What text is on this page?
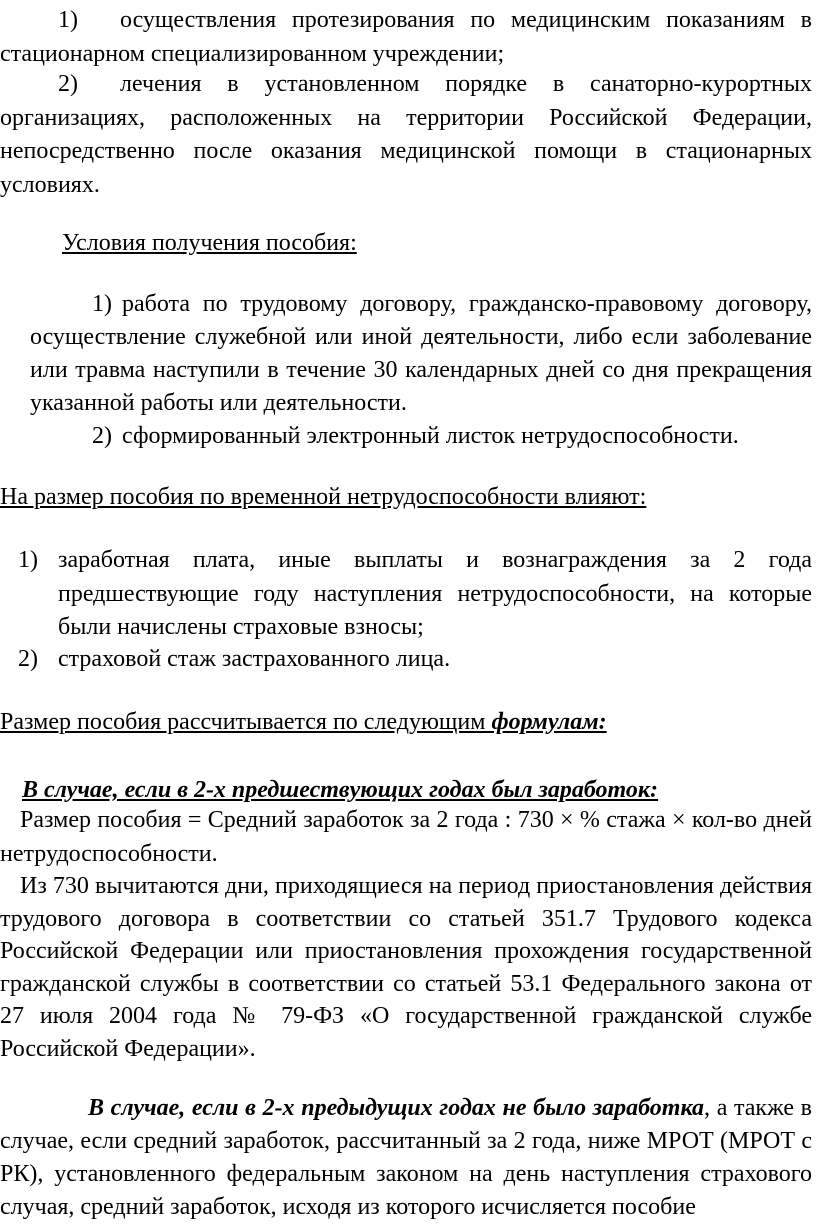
1) осуществления протезирования по медицинским показаниям в стационарном специализированном учреждении;
2) лечения в установленном порядке в санаторно-курортных организациях, расположенных на территории Российской Федерации, непосредственно после оказания медицинской помощи в стационарных условиях.
Условия получения пособия:
1) работа по трудовому договору, гражданско-правовому договору, осуществление служебной или иной деятельности, либо если заболевание или травма наступили в течение 30 календарных дней со дня прекращения указанной работы или деятельности.
2) сформированный электронный листок нетрудоспособности.
На размер пособия по временной нетрудоспособности влияют:
1) заработная плата, иные выплаты и вознаграждения за 2 года предшествующие году наступления нетрудоспособности, на которые были начислены страховые взносы;
2) страховой стаж застрахованного лица.
Размер пособия рассчитывается по следующим формулам:
В случае, если в 2-х предшествующих годах был заработок:
Размер пособия = Средний заработок за 2 года : 730 × % стажа × кол-во дней нетрудоспособности.
Из 730 вычитаются дни, приходящиеся на период приостановления действия трудового договора в соответствии со статьей 351.7 Трудового кодекса Российской Федерации или приостановления прохождения государственной гражданской службы в соответствии со статьей 53.1 Федерального закона от 27 июля 2004 года № 79-ФЗ «О государственной гражданской службе Российской Федерации».
В случае, если в 2-х предыдущих годах не было заработка, а также в случае, если средний заработок, рассчитанный за 2 года, ниже МРОТ (МРОТ с РК), установленного федеральным законом на день наступления страхового случая, средний заработок, исходя из которого исчисляется пособие
